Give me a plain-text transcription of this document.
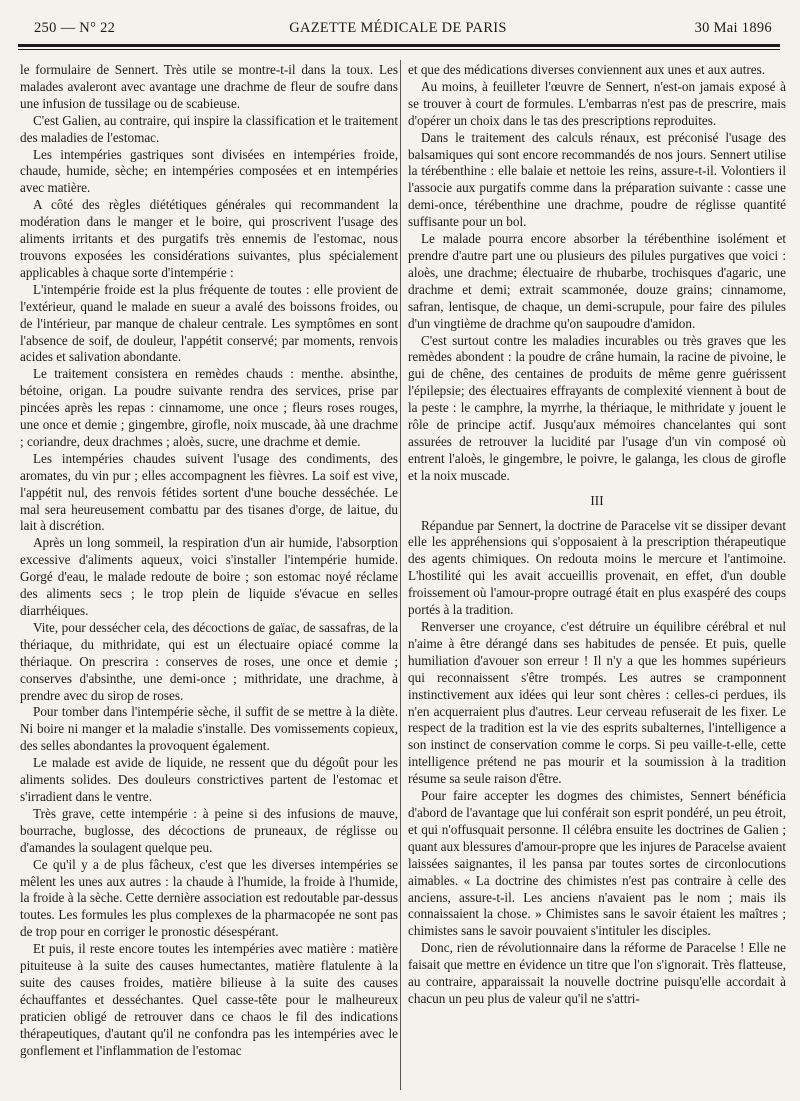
250 — N° 22	GAZETTE MÉDICALE DE PARIS	30 Mai 1896

le formulaire de Sennert. Très utile se montre-t-il dans la toux. Les malades avaleront avec avantage une drachme de fleur de soufre dans une infusion de tussilage ou de scabieuse.

C'est Galien, au contraire, qui inspire la classification et le traitement des maladies de l'estomac.

Les intempéries gastriques sont divisées en intempéries froide, chaude, humide, sèche; en intempéries composées et en intempéries avec matière.

A côté des règles diététiques générales qui recommandent la modération dans le manger et le boire, qui proscrivent l'usage des aliments irritants et des purgatifs très ennemis de l'estomac, nous trouvons exposées les considérations suivantes, plus spécialement applicables à chaque sorte d'intempérie :

L'intempérie froide est la plus fréquente de toutes : elle provient de l'extérieur, quand le malade en sueur a avalé des boissons froides, ou de l'intérieur, par manque de chaleur centrale. Les symptômes en sont l'absence de soif, de douleur, l'appétit conservé; par moments, renvois acides et salivation abondante.

Le traitement consistera en remèdes chauds : menthe. absinthe, bétoine, origan. La poudre suivante rendra des services, prise par pincées après les repas : cinnamome, une once ; fleurs roses rouges, une once et demie ; gingembre, girofle, noix muscade, àà une drachme ; coriandre, deux drachmes ; aloès, sucre, une drachme et demie.

Les intempéries chaudes suivent l'usage des condiments, des aromates, du vin pur ; elles accompagnent les fièvres. La soif est vive, l'appétit nul, des renvois fétides sortent d'une bouche desséchée. Le mal sera heureusement combattu par des tisanes d'orge, de laitue, du lait à discrétion.

Après un long sommeil, la respiration d'un air humide, l'absorption excessive d'aliments aqueux, voici s'installer l'intempérie humide. Gorgé d'eau, le malade redoute de boire ; son estomac noyé réclame des aliments secs ; le trop plein de liquide s'évacue en selles diarrhéiques.

Vite, pour dessécher cela, des décoctions de gaïac, de sassafras, de la thériaque, du mithridate, qui est un électuaire opiacé comme la thériaque. On prescrira : conserves de roses, une once et demie ; conserves d'absinthe, une demi-once ; mithridate, une drachme, à prendre avec du sirop de roses.

Pour tomber dans l'intempérie sèche, il suffit de se mettre à la diète. Ni boire ni manger et la maladie s'installe. Des vomissements copieux, des selles abondantes la provoquent également.

Le malade est avide de liquide, ne ressent que du dégoût pour les aliments solides. Des douleurs constrictives partent de l'estomac et s'irradient dans le ventre.

Très grave, cette intempérie : à peine si des infusions de mauve, bourrache, buglosse, des décoctions de pruneaux, de réglisse ou d'amandes la soulagent quelque peu.

Ce qu'il y a de plus fâcheux, c'est que les diverses intempéries se mêlent les unes aux autres : la chaude à l'humide, la froide à l'humide, la froide à la sèche. Cette dernière association est redoutable par-dessus toutes. Les formules les plus complexes de la pharmacopée ne sont pas de trop pour en corriger le pronostic désespérant.

Et puis, il reste encore toutes les intempéries avec matière : matière pituiteuse à la suite des causes humectantes, matière flatulente à la suite des causes froides, matière bilieuse à la suite des causes échauffantes et desséchantes. Quel casse-tête pour le malheureux praticien obligé de retrouver dans ce chaos le fil des indications thérapeutiques, d'autant qu'il ne confondra pas les intempéries avec le gonflement et l'inflammation de l'estomac

et que des médications diverses conviennent aux unes et aux autres.

Au moins, à feuilleter l'œuvre de Sennert, n'est-on jamais exposé à se trouver à court de formules. L'embarras n'est pas de prescrire, mais d'opérer un choix dans le tas des prescriptions reproduites.

Dans le traitement des calculs rénaux, est préconisé l'usage des balsamiques qui sont encore recommandés de nos jours. Sennert utilise la térébenthine : elle balaie et nettoie les reins, assure-t-il. Volontiers il l'associe aux purgatifs comme dans la préparation suivante : casse une demi-once, térébenthine une drachme, poudre de réglisse quantité suffisante pour un bol.

Le malade pourra encore absorber la térébenthine isolément et prendre d'autre part une ou plusieurs des pilules purgatives que voici : aloès, une drachme; électuaire de rhubarbe, trochisques d'agaric, une drachme et demi; extrait scammonée, douze grains; cinnamome, safran, lentisque, de chaque, un demi-scrupule, pour faire des pilules d'un vingtième de drachme qu'on saupoudre d'amidon.

C'est surtout contre les maladies incurables ou très graves que les remèdes abondent : la poudre de crâne humain, la racine de pivoine, le gui de chêne, des centaines de produits de même genre guérissent l'épilepsie; des électuaires effrayants de complexité viennent à bout de la peste : le camphre, la myrrhe, la thériaque, le mithridate y jouent le rôle de principe actif. Jusqu'aux mémoires chancelantes qui sont assurées de retrouver la lucidité par l'usage d'un vin composé où entrent l'aloès, le gingembre, le poivre, le galanga, les clous de girofle et la noix muscade.

III

Répandue par Sennert, la doctrine de Paracelse vit se dissiper devant elle les appréhensions qui s'opposaient à la prescription thérapeutique des agents chimiques. On redouta moins le mercure et l'antimoine. L'hostilité qui les avait accueillis provenait, en effet, d'un double froissement où l'amour-propre outragé était en plus exaspéré des coups portés à la tradition.

Renverser une croyance, c'est détruire un équilibre cérébral et nul n'aime à être dérangé dans ses habitudes de pensée. Et puis, quelle humiliation d'avouer son erreur ! Il n'y a que les hommes supérieurs qui reconnaissent s'être trompés. Les autres se cramponnent instinctivement aux idées qui leur sont chères : celles-ci perdues, ils n'en acquerraient plus d'autres. Leur cerveau refuserait de les fixer. Le respect de la tradition est la vie des esprits subalternes, l'intelligence a son instinct de conservation comme le corps. Si peu vaille-t-elle, cette intelligence prétend ne pas mourir et la soumission à la tradition résume sa seule raison d'être.

Pour faire accepter les dogmes des chimistes, Sennert bénéficia d'abord de l'avantage que lui conférait son esprit pondéré, un peu étroit, et qui n'offusquait personne. Il célébra ensuite les doctrines de Galien ; quant aux blessures d'amour-propre que les injures de Paracelse avaient laissées saignantes, il les pansa par toutes sortes de circonlocutions aimables. « La doctrine des chimistes n'est pas contraire à celle des anciens, assure-t-il. Les anciens n'avaient pas le nom ; mais ils connaissaient la chose. » Chimistes sans le savoir étaient les maîtres ; chimistes sans le savoir pouvaient s'intituler les disciples.

Donc, rien de révolutionnaire dans la réforme de Paracelse ! Elle ne faisait que mettre en évidence un titre que l'on s'ignorait. Très flatteuse, au contraire, apparaissait la nouvelle doctrine puisqu'elle accordait à chacun un peu plus de valeur qu'il ne s'attri-
